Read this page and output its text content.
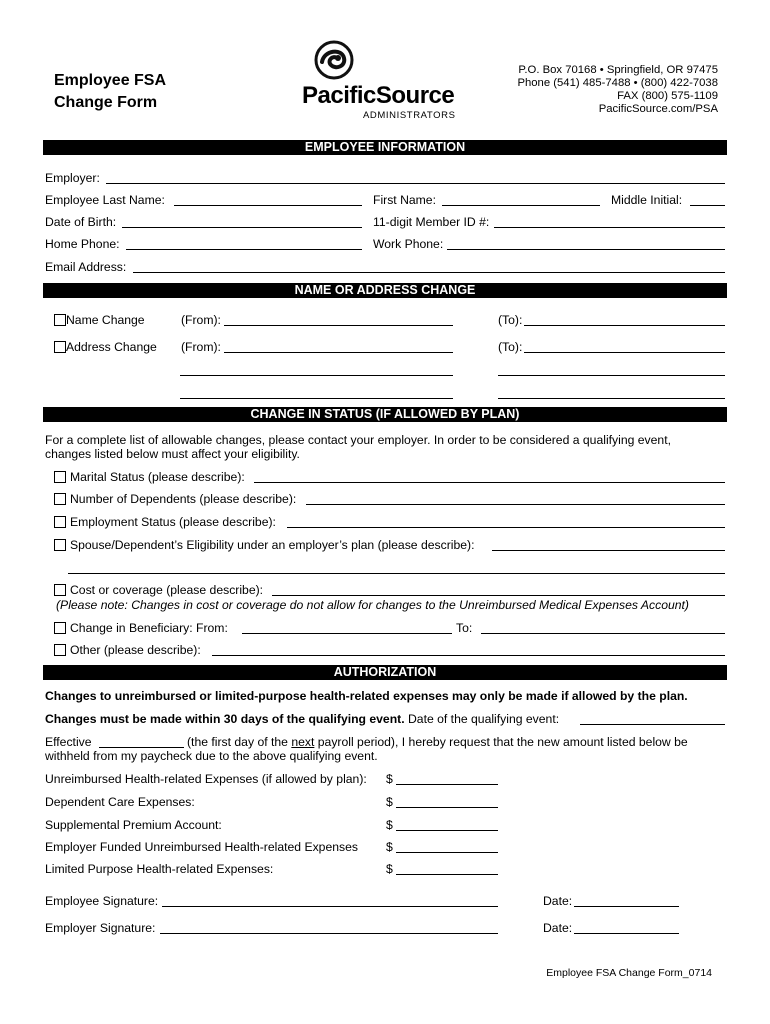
Employee FSA
Change Form	PacificSource
ADMINISTRATORS
P.O. Box 70168 • Springfield, OR 97475
Phone (541) 485-7488 • (800) 422-7038
FAX (800) 575-1109
PacificSource.com/PSA
EMPLOYEE INFORMATION
Employer:
Employee Last Name:	First Name:	Middle Initial:
Date of Birth:	11-digit Member ID #:
Home Phone:	Work Phone:
Email Address:
NAME OR ADDRESS CHANGE
Name Change	(From):	(To):
Address Change (From):	(To):
CHANGE IN STATUS (IF ALLOWED BY PLAN)
For a complete list of allowable changes, please contact your employer. In order to be considered a qualifying event,
changes listed below must affect your eligibility.
Marital Status (please describe):
Number of Dependents (please describe):
Employment Status (please describe):
Spouse/Dependent’s Eligibility under an employer’s plan (please describe):
Cost or coverage (please describe):
(Please note: Changes in cost or coverage do not allow for changes to the Unreimbursed Medical Expenses Account)
Change in Beneficiary: From:	To:
Other (please describe):
AUTHORIZATION
Changes to unreimbursed or limited-purpose health-related expenses may only be made if allowed by the plan.
Changes must be made within 30 days of the qualifying event. Date of the qualifying event:
Effective	(the first day of the next payroll period), I hereby request that the new amount listed below be
withheld from my paycheck due to the above qualifying event.
Unreimbursed Health-related Expenses (if allowed by plan): $
Dependent Care Expenses:	$
Supplemental Premium Account:	$
Employer Funded Unreimbursed Health-related Expenses $
Limited Purpose Health-related Expenses:	$
Employee Signature:	Date:
Employer Signature:	Date:
Employee FSA Change Form_0714
